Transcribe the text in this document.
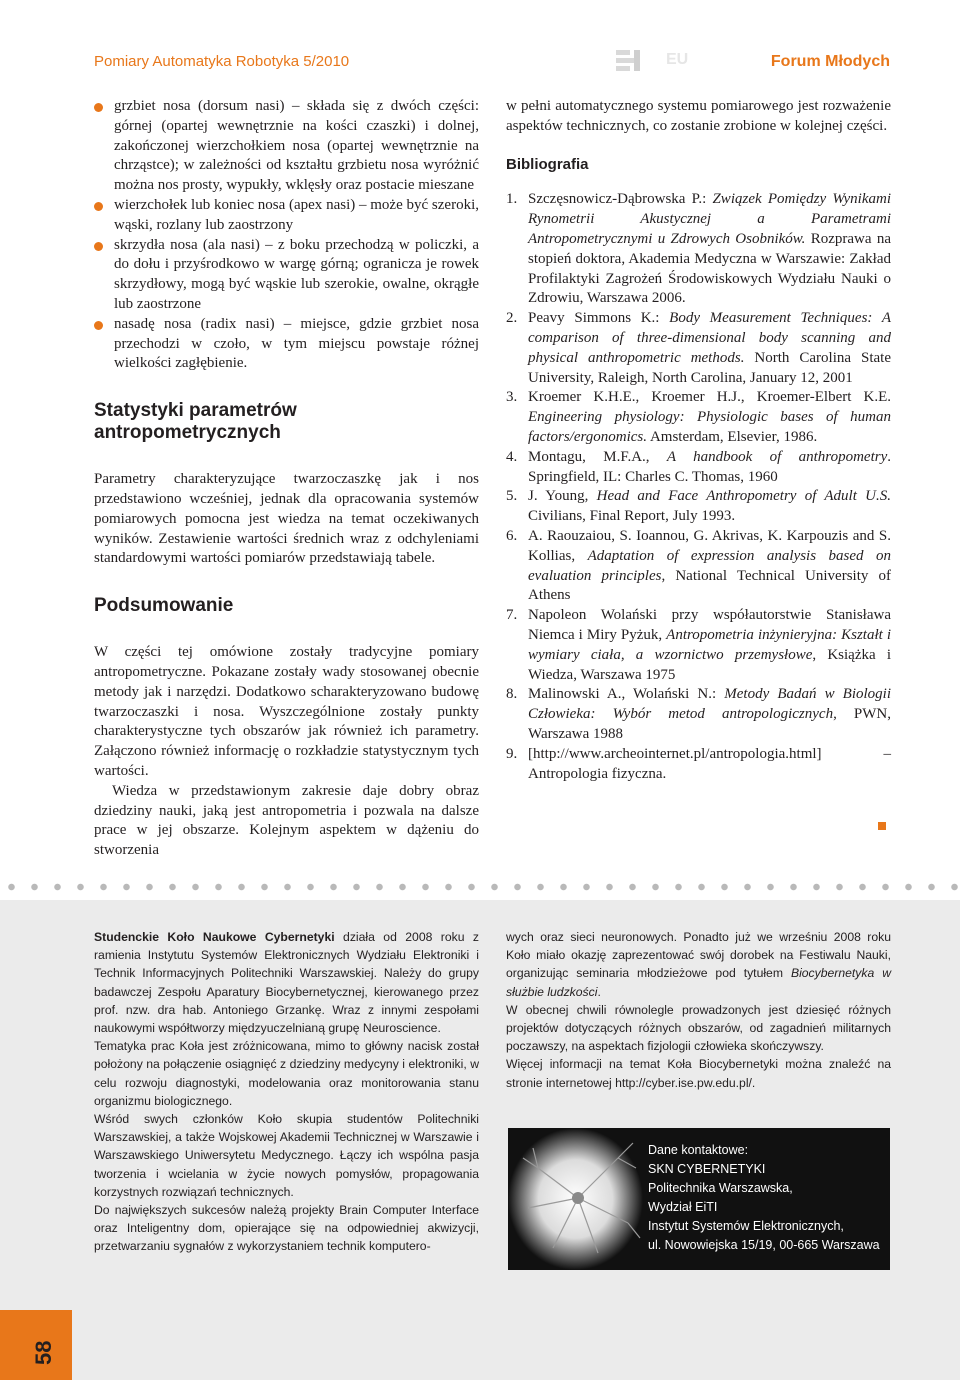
Pomiary Automatyka Robotyka 5/2010	EU	Forum Młodych
grzbiet nosa (dorsum nasi) – składa się z dwóch części: górnej (opartej wewnętrznie na kości czaszki) i dolnej, zakończonej wierzchołkiem nosa (opartej wewnętrznie na chrząstce); w zależności od kształtu grzbietu nosa wyróżnić można nos prosty, wypukły, wklęsły oraz postacie mieszane
wierzchołek lub koniec nosa (apex nasi) – może być szeroki, wąski, rozlany lub zaostrzony
skrzydła nosa (ala nasi) – z boku przechodzą w policzki, a do dołu i przyśrodkowo w wargę górną; ogranicza je rowek skrzydłowy, mogą być wąskie lub szerokie, owalne, okrągłe lub zaostrzone
nasadę nosa (radix nasi) – miejsce, gdzie grzbiet nosa przechodzi w czoło, w tym miejscu powstaje różnej wielkości zagłębienie.
Statystyki parametrów antropometrycznych

Parametry charakteryzujące twarzoczaszkę jak i nos przedstawiono wcześniej, jednak dla opracowania systemów pomiarowych pomocna jest wiedza na temat oczekiwanych wyników. Zestawienie wartości średnich wraz z odchyleniami standardowymi wartości pomiarów przedstawiają tabele.

Podsumowanie

W części tej omówione zostały tradycyjne pomiary antropometryczne. Pokazane zostały wady stosowanej obecnie metody jak i narzędzi. Dodatkowo scharakteryzowano budowę twarzoczaszki i nosa. Wyszczególnione zostały punkty charakterystyczne tych obszarów jak również ich parametry. Załączono również informację o rozkładzie statystycznym tych wartości.

Wiedza w przedstawionym zakresie daje dobry obraz dziedziny nauki, jaką jest antropometria i pozwala na dalsze prace w jej obszarze. Kolejnym aspektem w dążeniu do stworzenia

w pełni automatycznego systemu pomiarowego jest rozważenie aspektów technicznych, co zostanie zrobione w kolejnej części.

Bibliografia
1. Szczęsnowicz-Dąbrowska P.: Związek Pomiędzy Wynikami Rynometrii Akustycznej a Parametrami Antropometrycznymi u Zdrowych Osobników. Rozprawa na stopień doktora, Akademia Medyczna w Warszawie: Zakład Profilaktyki Zagrożeń Środowiskowych Wydziału Nauki o Zdrowiu, Warszawa 2006.
2. Peavy Simmons K.: Body Measurement Techniques: A comparison of three-dimensional body scanning and physical anthropometric methods. North Carolina State University, Raleigh, North Carolina, January 12, 2001
3. Kroemer K.H.E., Kroemer H.J., Kroemer-Elbert K.E. Engineering physiology: Physiologic bases of human factors/ergonomics. Amsterdam, Elsevier, 1986.
4. Montagu, M.F.A., A handbook of anthropometry. Springfield, IL: Charles C. Thomas, 1960
5. J. Young, Head and Face Anthropometry of Adult U.S. Civilians, Final Report, July 1993.
6. A. Raouzaiou, S. Ioannou, G. Akrivas, K. Karpouzis and S. Kollias, Adaptation of expression analysis based on evaluation principles, National Technical University of Athens
7. Napoleon Wolański przy współautorstwie Stanisława Niemca i Miry Pyżuk, Antropometria inżynieryjna: Kształt i wymiary ciała, a wzornictwo przemysłowe, Książka i Wiedza, Warszawa 1975
8. Malinowski A., Wolański N.: Metody Badań w Biologii Człowieka: Wybór metod antropologicznych, PWN, Warszawa 1988
9. [http://www.archeointernet.pl/antropologia.html] – Antropologia fizyczna.

Studenckie Koło Naukowe Cybernetyki działa od 2008 roku z ramienia Instytutu Systemów Elektronicznych Wydziału Elektroniki i Technik Informacyjnych Politechniki Warszawskiej. Należy do grupy badawczej Zespołu Aparatury Biocybernetycznej, kierowanego przez prof. nzw. dra hab. Antoniego Grzankę. Wraz z innymi zespołami naukowymi współtworzy międzyuczelnianą grupę Neuroscience.

Tematyka prac Koła jest zróżnicowana, mimo to główny nacisk został położony na połączenie osiągnięć z dziedziny medycyny i elektroniki, w celu rozwoju diagnostyki, modelowania oraz monitorowania stanu organizmu biologicznego.

Wśród swych członków Koło skupia studentów Politechniki Warszawskiej, a także Wojskowej Akademii Technicznej w Warszawie i Warszawskiego Uniwersytetu Medycznego. Łączy ich wspólna pasja tworzenia i wcielania w życie nowych pomysłów, propagowania korzystnych rozwiązań technicznych.

Do największych sukcesów należą projekty Brain Computer Interface oraz Inteligentny dom, opierające się na odpowiedniej akwizycji, przetwarzaniu sygnałów z wykorzystaniem technik komputero-

wych oraz sieci neuronowych. Ponadto już we wrześniu 2008 roku Koło miało okazję zaprezentować swój dorobek na Festiwalu Nauki, organizując seminaria młodzieżowe pod tytułem Biocybernetyka w służbie ludzkości.

W obecnej chwili równolegle prowadzonych jest dziesięć różnych projektów dotyczących różnych obszarów, od zagadnień militarnych poczawszy, na aspektach fizjologii człowieka skończywszy.

Więcej informacji na temat Koła Biocybernetyki można znaleźć na stronie internetowej http://cyber.ise.pw.edu.pl/.

Dane kontaktowe:
SKN CYBERNETYKI
Politechnika Warszawska,
Wydział EiTI
Instytut Systemów Elektronicznych,
ul. Nowowiejska 15/19, 00-665 Warszawa
58
